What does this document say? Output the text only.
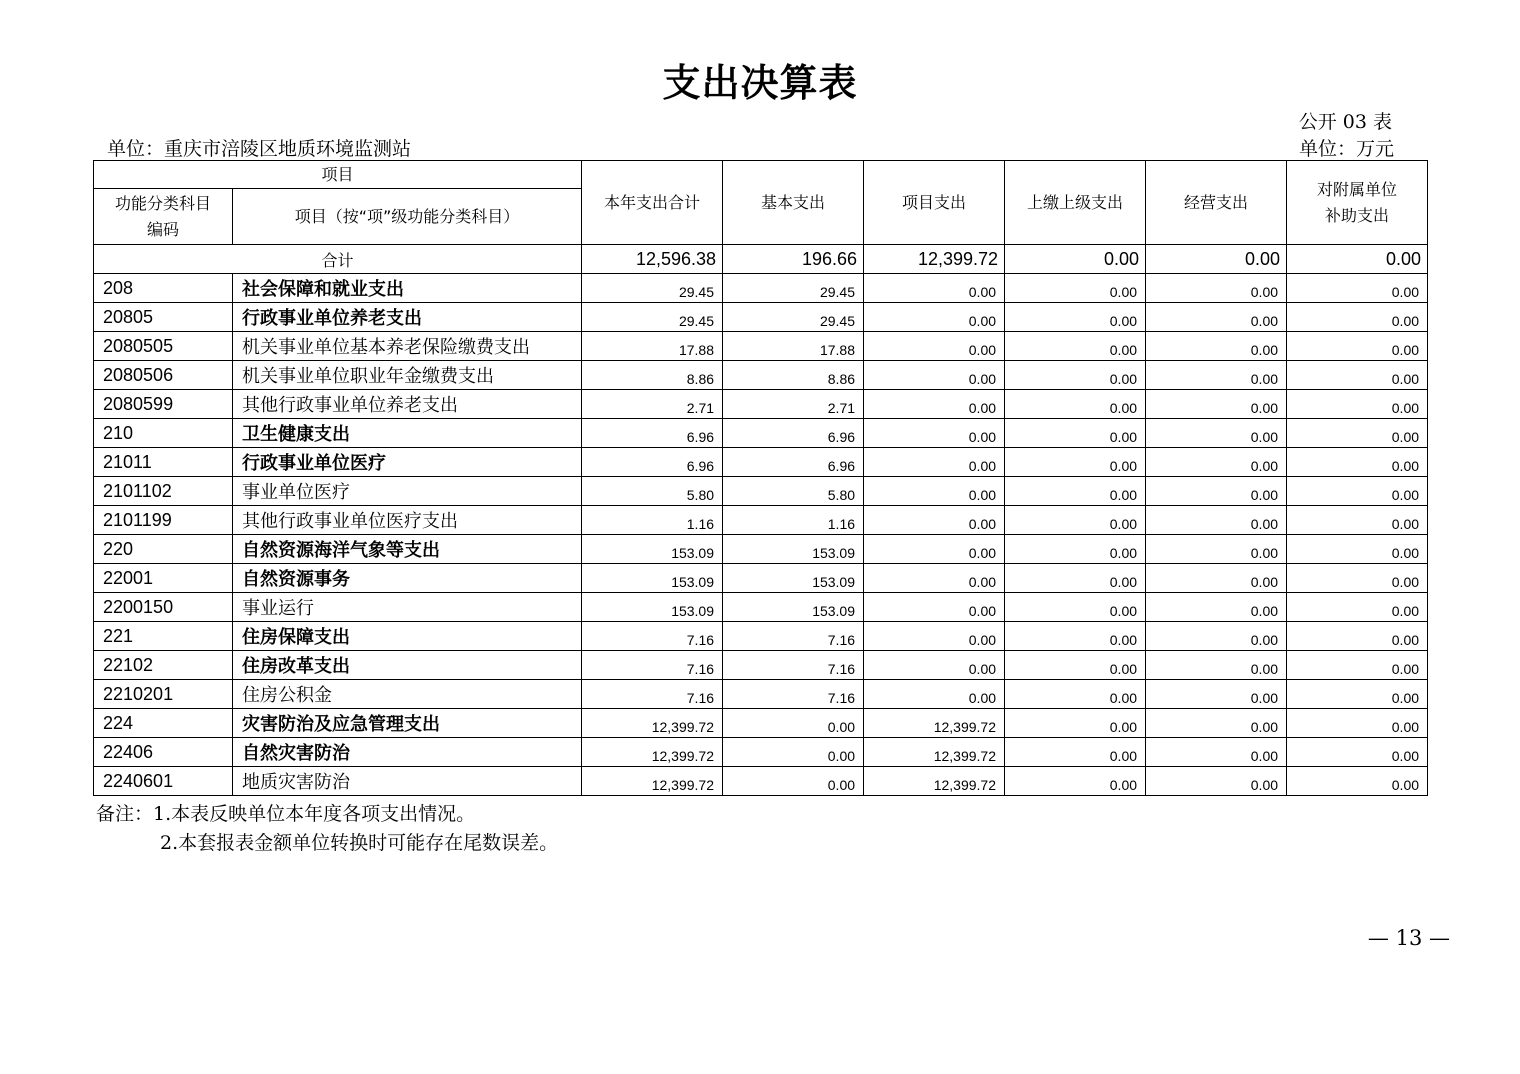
支出决算表
公开 03 表
单位：重庆市涪陵区地质环境监测站	单位：万元
项目		本年支出合计	基本支出	项目支出	上缴上级支出	经营支出	对附属单位补助支出
功能分类科目编码	项目（按“项”级功能分类科目）						
合计		12,596.38	196.66	12,399.72	0.00	0.00	0.00
208	社会保障和就业支出	29.45	29.45	0.00	0.00	0.00	0.00
20805	行政事业单位养老支出	29.45	29.45	0.00	0.00	0.00	0.00
2080505	机关事业单位基本养老保险缴费支出	17.88	17.88	0.00	0.00	0.00	0.00
2080506	机关事业单位职业年金缴费支出	8.86	8.86	0.00	0.00	0.00	0.00
2080599	其他行政事业单位养老支出	2.71	2.71	0.00	0.00	0.00	0.00
210	卫生健康支出	6.96	6.96	0.00	0.00	0.00	0.00
21011	行政事业单位医疗	6.96	6.96	0.00	0.00	0.00	0.00
2101102	事业单位医疗	5.80	5.80	0.00	0.00	0.00	0.00
2101199	其他行政事业单位医疗支出	1.16	1.16	0.00	0.00	0.00	0.00
220	自然资源海洋气象等支出	153.09	153.09	0.00	0.00	0.00	0.00
22001	自然资源事务	153.09	153.09	0.00	0.00	0.00	0.00
2200150	事业运行	153.09	153.09	0.00	0.00	0.00	0.00
221	住房保障支出	7.16	7.16	0.00	0.00	0.00	0.00
22102	住房改革支出	7.16	7.16	0.00	0.00	0.00	0.00
2210201	住房公积金	7.16	7.16	0.00	0.00	0.00	0.00
224	灾害防治及应急管理支出	12,399.72	0.00	12,399.72	0.00	0.00	0.00
22406	自然灾害防治	12,399.72	0.00	12,399.72	0.00	0.00	0.00
2240601	地质灾害防治	12,399.72	0.00	12,399.72	0.00	0.00	0.00
备注：1.本表反映单位本年度各项支出情况。
2.本套报表金额单位转换时可能存在尾数误差。
— 13 —
